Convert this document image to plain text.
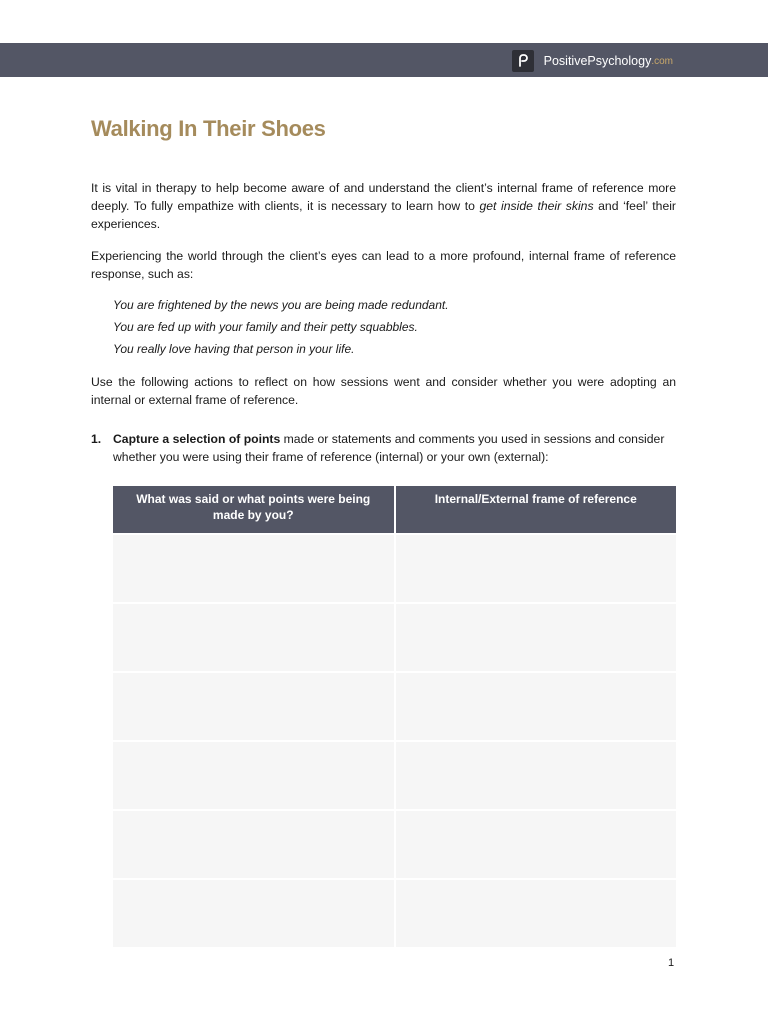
PositivePsychology .com
Walking In Their Shoes

It is vital in therapy to help become aware of and understand the client’s internal frame of reference more deeply. To fully empathize with clients, it is necessary to learn how to get inside their skins and ‘feel’ their experiences.

Experiencing the world through the client’s eyes can lead to a more profound, internal frame of reference response, such as:

You are frightened by the news you are being made redundant.
You are fed up with your family and their petty squabbles.
You really love having that person in your life.

Use the following actions to reflect on how sessions went and consider whether you were adopting an internal or external frame of reference.

1. Capture a selection of points made or statements and comments you used in sessions and consider whether you were using their frame of reference (internal) or your own (external):
What was said or what points were being made by you?	Internal/External frame of reference

1
